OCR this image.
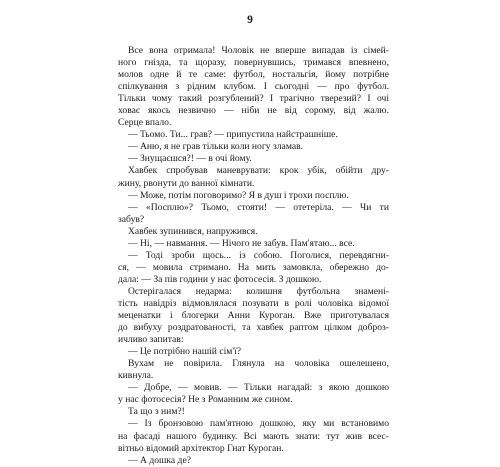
9
Все вона отримала! Чоловік не вперше випадав із сімей-
ного гнізда, та щоразу, повернувшись, тримався впевнено,
молов одне й те саме: футбол, ностальгія, йому потрібне
спілкування з рідним клубом. І сьогодні — про футбол.
Тільки чому такий розгублений? І трагічно тверезий? І очі
ховає якось незвично — ніби не від сорому, від жалю.
Серце впало.
— Тьомо. Ти... грав? — припустила найстрашніше.
— Аню, я не грав тільки коли ногу зламав.
— Знущаєшся?! — в очі йому.
Хавбек спробував маневрувати: крок убік, обійти дру-
жину, рвонути до ванної кімнати.
— Може, потім поговоримо? Я в душ і трохи посплю.
— «Посплю»? Тьомо, стояти! — отетеріла. — Чи ти
забув?
Хавбек зупинився, напружився.
— Ні, — навмання. — Нічого не забув. Пам'ятаю... все.
— Тоді зроби щось... із собою. Поголися, перевдягни-
ся, — мовила стримано. На мить замовкла, обережно до-
дала: — За пів години у нас фотосесія. З дошкою.
Остерігалася недарма: колишня футбольна знамені-
тість навідріз відмовлялася позувати в ролі чоловіка відомої
меценатки і блогерки Анни Куроган. Вже приготувалася
до вибуху роздратованості, та хавбек раптом цілком доброз-
ичливо запитав:
— Це потрібно нашій сім'ї?
Вухам не повірила. Глянула на чоловіка ошелешено,
кивнула.
— Добре, — мовив. — Тільки нагадай: з якою дошкою
у нас фотосесія? Не з Романним же сином.
Та що з ним?!
— Із бронзовою пам'ятною дошкою, яку ми встановимо
на фасаді нашого будинку. Всі мають знати: тут жив всес-
вітньо відомий архітектор Гнат Куроган.
— А дошка де?
